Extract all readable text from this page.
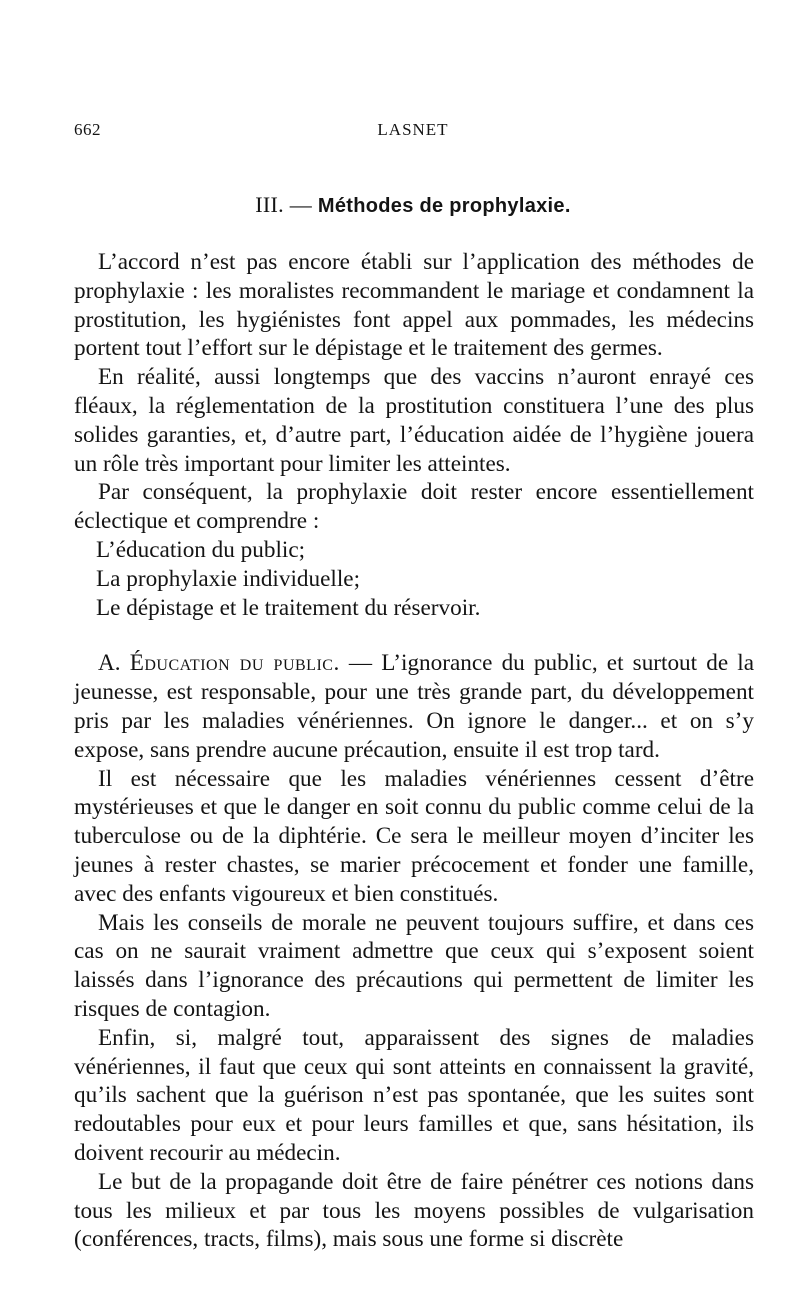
662	LASNET
III. — Méthodes de prophylaxie.

L’accord n’est pas encore établi sur l’application des méthodes de prophylaxie : les moralistes recommandent le mariage et condamnent la prostitution, les hygiénistes font appel aux pommades, les médecins portent tout l’effort sur le dépistage et le traitement des germes.

En réalité, aussi longtemps que des vaccins n’auront enrayé ces fléaux, la réglementation de la prostitution constituera l’une des plus solides garanties, et, d’autre part, l’éducation aidée de l’hygiène jouera un rôle très important pour limiter les atteintes.

Par conséquent, la prophylaxie doit rester encore essentiellement éclectique et comprendre :

L’éducation du public;

La prophylaxie individuelle;

Le dépistage et le traitement du réservoir.

A. Éducation du public. — L’ignorance du public, et surtout de la jeunesse, est responsable, pour une très grande part, du développement pris par les maladies vénériennes. On ignore le danger... et on s’y expose, sans prendre aucune précaution, ensuite il est trop tard.

Il est nécessaire que les maladies vénériennes cessent d’être mystérieuses et que le danger en soit connu du public comme celui de la tuberculose ou de la diphtérie. Ce sera le meilleur moyen d’inciter les jeunes à rester chastes, se marier précocement et fonder une famille, avec des enfants vigoureux et bien constitués.

Mais les conseils de morale ne peuvent toujours suffire, et dans ces cas on ne saurait vraiment admettre que ceux qui s’exposent soient laissés dans l’ignorance des précautions qui permettent de limiter les risques de contagion.

Enfin, si, malgré tout, apparaissent des signes de maladies vénériennes, il faut que ceux qui sont atteints en connaissent la gravité, qu’ils sachent que la guérison n’est pas spontanée, que les suites sont redoutables pour eux et pour leurs familles et que, sans hésitation, ils doivent recourir au médecin.

Le but de la propagande doit être de faire pénétrer ces notions dans tous les milieux et par tous les moyens possibles de vulgarisation (conférences, tracts, films), mais sous une forme si discrète
